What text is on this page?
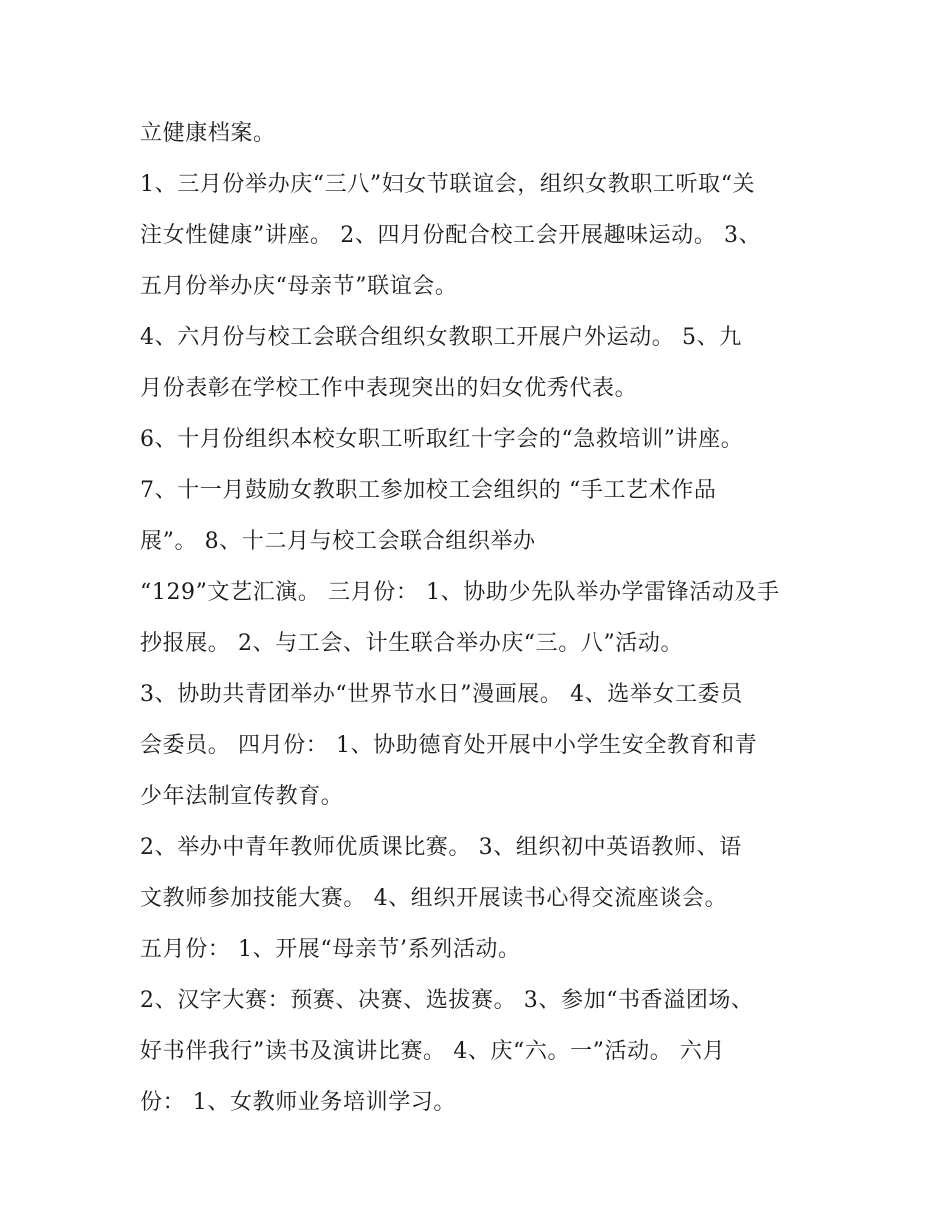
立健康档案。
1、三月份举办庆“三八”妇女节联谊会，组织女教职工听取“关
注女性健康”讲座。 2、四月份配合校工会开展趣味运动。 3、
五月份举办庆“母亲节”联谊会。
4、六月份与校工会联合组织女教职工开展户外运动。 5、九
月份表彰在学校工作中表现突出的妇女优秀代表。
6、十月份组织本校女职工听取红十字会的“急救培训”讲座。
7、十一月鼓励女教职工参加校工会组织的 “手工艺术作品
展”。 8、十二月与校工会联合组织举办
“129”文艺汇演。 三月份： 1、协助少先队举办学雷锋活动及手
抄报展。 2、与工会、计生联合举办庆“三。八”活动。
3、协助共青团举办“世界节水日”漫画展。 4、选举女工委员
会委员。 四月份： 1、协助德育处开展中小学生安全教育和青
少年法制宣传教育。
2、举办中青年教师优质课比赛。 3、组织初中英语教师、语
文教师参加技能大赛。 4、组织开展读书心得交流座谈会。
五月份： 1、开展“母亲节’系列活动。
2、汉字大赛：预赛、决赛、选拔赛。 3、参加“书香溢团场、
好书伴我行”读书及演讲比赛。 4、庆“六。一”活动。 六月
份： 1、女教师业务培训学习。
